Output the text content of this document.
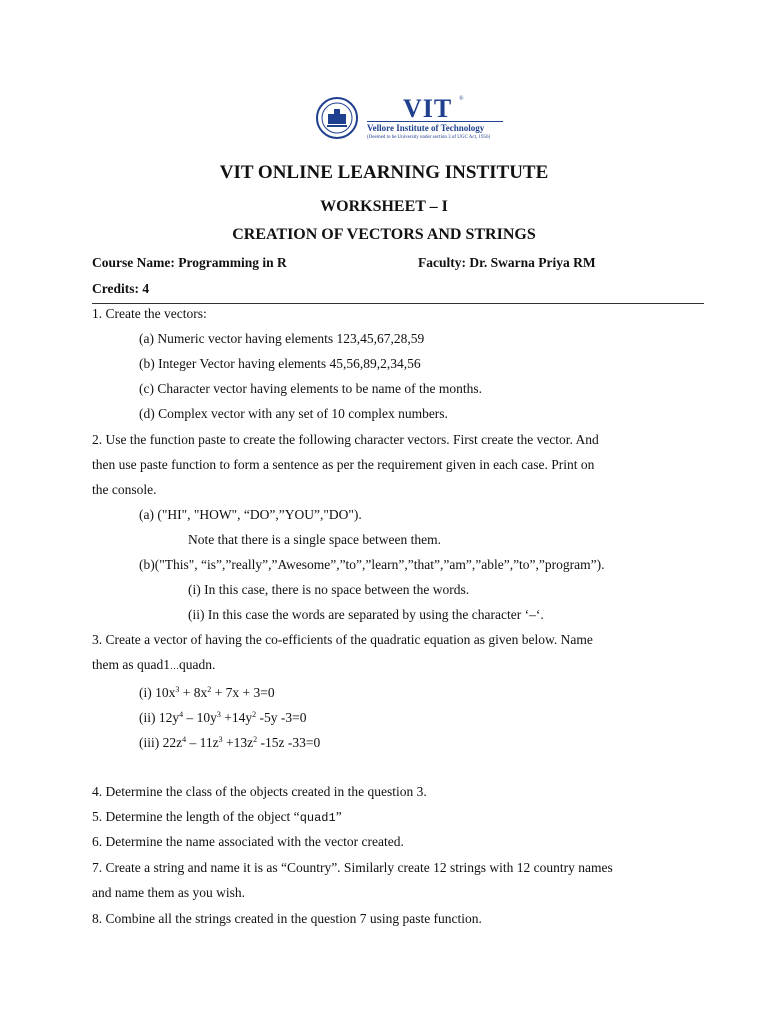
VIT ®
Vellore Institute of Technology
(Deemed to be University under section 3 of UGC Act, 1956)
VIT ONLINE LEARNING INSTITUTE
WORKSHEET – I
CREATION OF VECTORS AND STRINGS
Course Name: Programming in R	Faculty: Dr. Swarna Priya RM
Credits: 4
1. Create the vectors:
(a) Numeric vector having elements 123,45,67,28,59
(b) Integer Vector having elements 45,56,89,2,34,56
(c) Character vector having elements to be name of the months.
(d) Complex vector with any set of 10 complex numbers.
2. Use the function paste to create the following character vectors. First create the vector. And
then use paste function to form a sentence as per the requirement given in each case. Print on
the console.
(a) ("HI", "HOW", “DO”,”YOU”,"DO").
Note that there is a single space between them.
(b)("This", “is”,”really”,”Awesome”,”to”,”learn”,”that”,”am”,”able”,”to”,”program”).
(i) In this case, there is no space between the words.
(ii) In this case the words are separated by using the character ‘–‘.
3. Create a vector of having the co-efficients of the quadratic equation as given below. Name
them as quad1…quadn.
(i) $10x^3 + 8x^2 + 7x + 3=0$
(ii) $12y^4 - 10y^3 +14y^2$ -5y -3=0
(iii) $22z^4 - 11z^3 +13z^2$ -15z -33=0
4. Determine the class of the objects created in the question 3.
5. Determine the length of the object “quad1”
6. Determine the name associated with the vector created.
7. Create a string and name it is as “Country”. Similarly create 12 strings with 12 country names
and name them as you wish.
8. Combine all the strings created in the question 7 using paste function.
